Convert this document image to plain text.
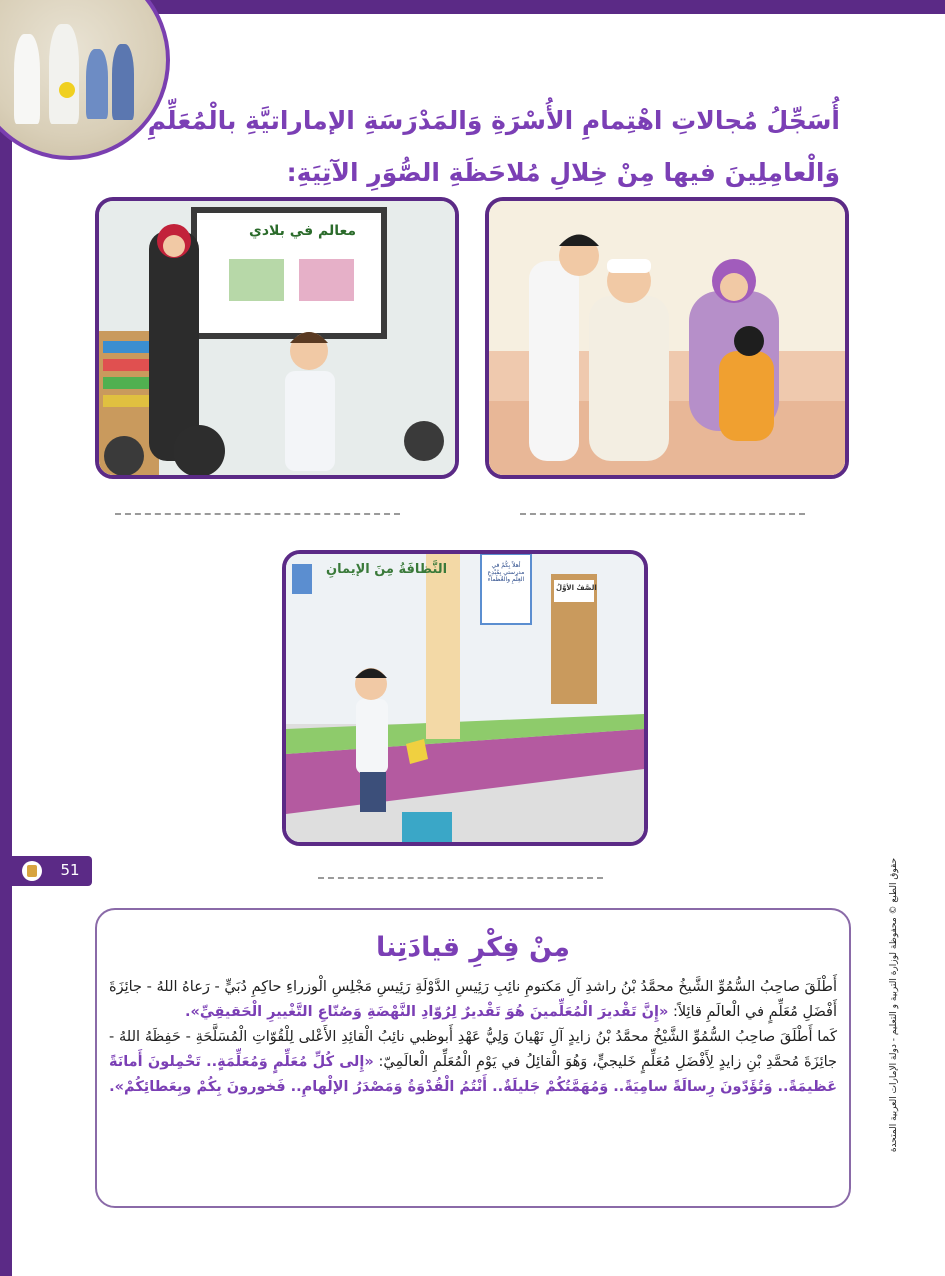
أُسَجِّلُ مُجالاتِ اهْتِمامِ الأُسْرَةِ وَالمَدْرَسَةِ الإماراتيَّةِ بالْمُعَلِّمِ
وَالْعامِلِينَ فيها مِنْ خِلالِ مُلاحَظَةِ الصُّوَرِ الآتِيَةِ:
معالم في بلادي
النَّظافَةُ مِنَ الإيمانِ
الصَّفُ الأوَّلُ
أهلاً بِكُمْ في مدرستي بِمُبْدِعِ العِلْمِ والعُظَماء
حقوق الطبع © محفوظة لوزارة التربية و التعليم - دولة الإمارات العربية المتحدة
51
مِنْ فِكْرِ قيادَتِنا
أَطْلَقَ صاحِبُ السُّمُوِّ الشَّيخُ محمَّدُ بْنُ راشدِ آلِ مَكتومِ نائِبِ رَئِيسِ الدَّوْلَةِ رَئِيسِ مَجْلِسِ الْوزراءِ حاكِمِ دُبَيٍّ - رَعاهُ اللهُ - جائِزَةَ أَفْضَلِ مُعَلِّمٍ في الْعالَمِ قائِلاً: «إِنَّ تَقْديرَ الْمُعَلِّمينَ هُوَ تَقْديرٌ لِرُوّادِ النَّهْضَةِ وَصُنّاعِ التَّغْييرِ الْحَقيقِيِّ».
كَما أَطْلَقَ صاحِبُ السُّمُوِّ الشَّيْخُ محمَّدُ بْنُ زايدٍ آلِ نَهْيانَ وَلِيُّ عَهْدِ أَبوظبي نائِبُ الْقائِدِ الأَعْلى لِلْقُوّاتِ الْمُسَلَّحَةِ - حَفِظَهُ اللهُ - جائِزَةَ مُحمَّدِ بْنِ زايدٍ لِأَفْضَلِ مُعَلِّمٍ خَليجيٍّ، وَهُوَ الْقائِلُ في يَوْمِ الْمُعَلِّمِ الْعالَمِيّ: «إِلى كُلِّ مُعَلِّمٍ وَمُعَلِّمَةٍ.. تَحْمِلونَ أَمانَةً عَظيمَةً.. وَتُؤَدّونَ رِسالَةً سامِيَةً.. وَمُهَمَّتُكُمْ جَليلَةٌ.. أَنْتُمُ الْقُدْوَةُ وَمَصْدَرُ الإلْهامِ.. فَخورونَ بِكُمْ وبِعَطائِكُمْ».
